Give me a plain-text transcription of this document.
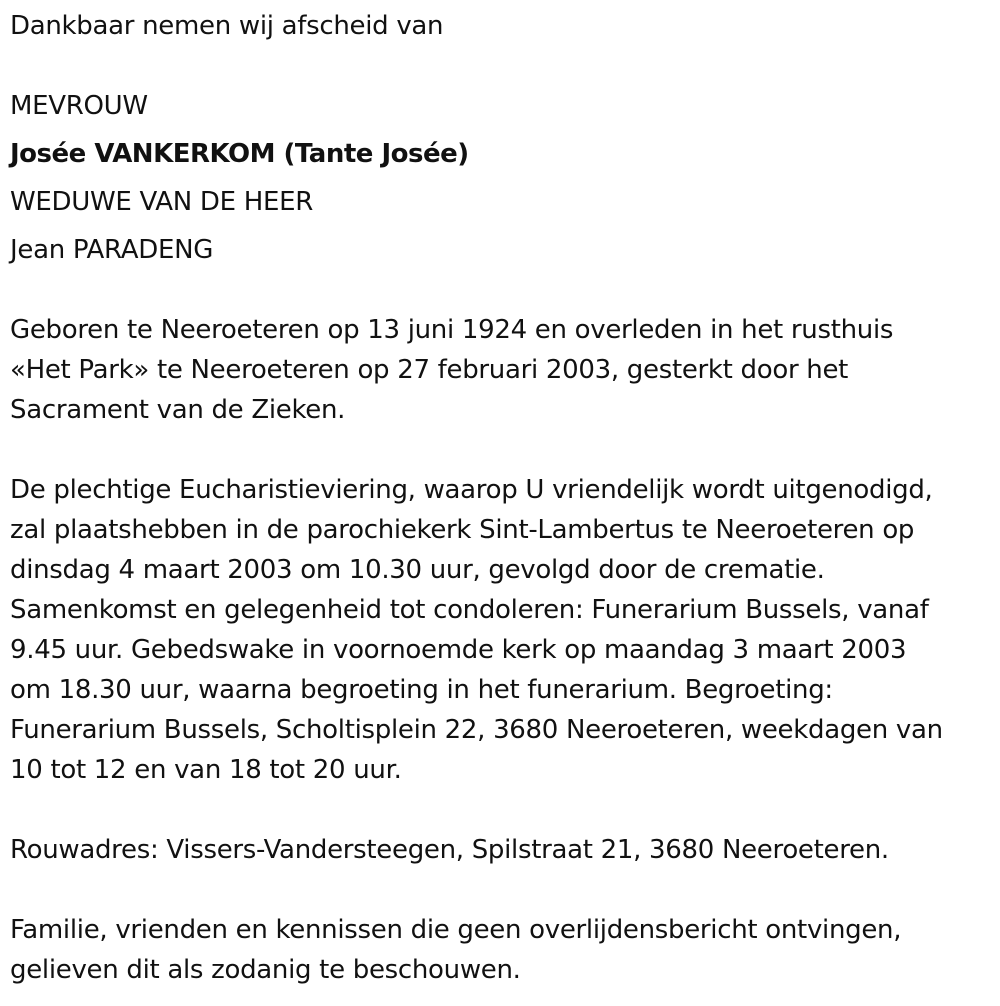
Dankbaar nemen wij afscheid van
MEVROUW
Josée VANKERKOM (Tante Josée)
WEDUWE VAN DE HEER
Jean PARADENG
Geboren te Neeroeteren op 13 juni 1924 en overleden in het rusthuis
«Het Park» te Neeroeteren op 27 februari 2003, gesterkt door het
Sacrament van de Zieken.
De plechtige Eucharistieviering, waarop U vriendelijk wordt uitgenodigd,
zal plaatshebben in de parochiekerk Sint-Lambertus te Neeroeteren op
dinsdag 4 maart 2003 om 10.30 uur, gevolgd door de crematie.
Samenkomst en gelegenheid tot condoleren: Funerarium Bussels, vanaf
9.45 uur. Gebedswake in voornoemde kerk op maandag 3 maart 2003
om 18.30 uur, waarna begroeting in het funerarium. Begroeting:
Funerarium Bussels, Scholtisplein 22, 3680 Neeroeteren, weekdagen van
10 tot 12 en van 18 tot 20 uur.
Rouwadres: Vissers-Vandersteegen, Spilstraat 21, 3680 Neeroeteren.
Familie, vrienden en kennissen die geen overlijdensbericht ontvingen,
gelieven dit als zodanig te beschouwen.
